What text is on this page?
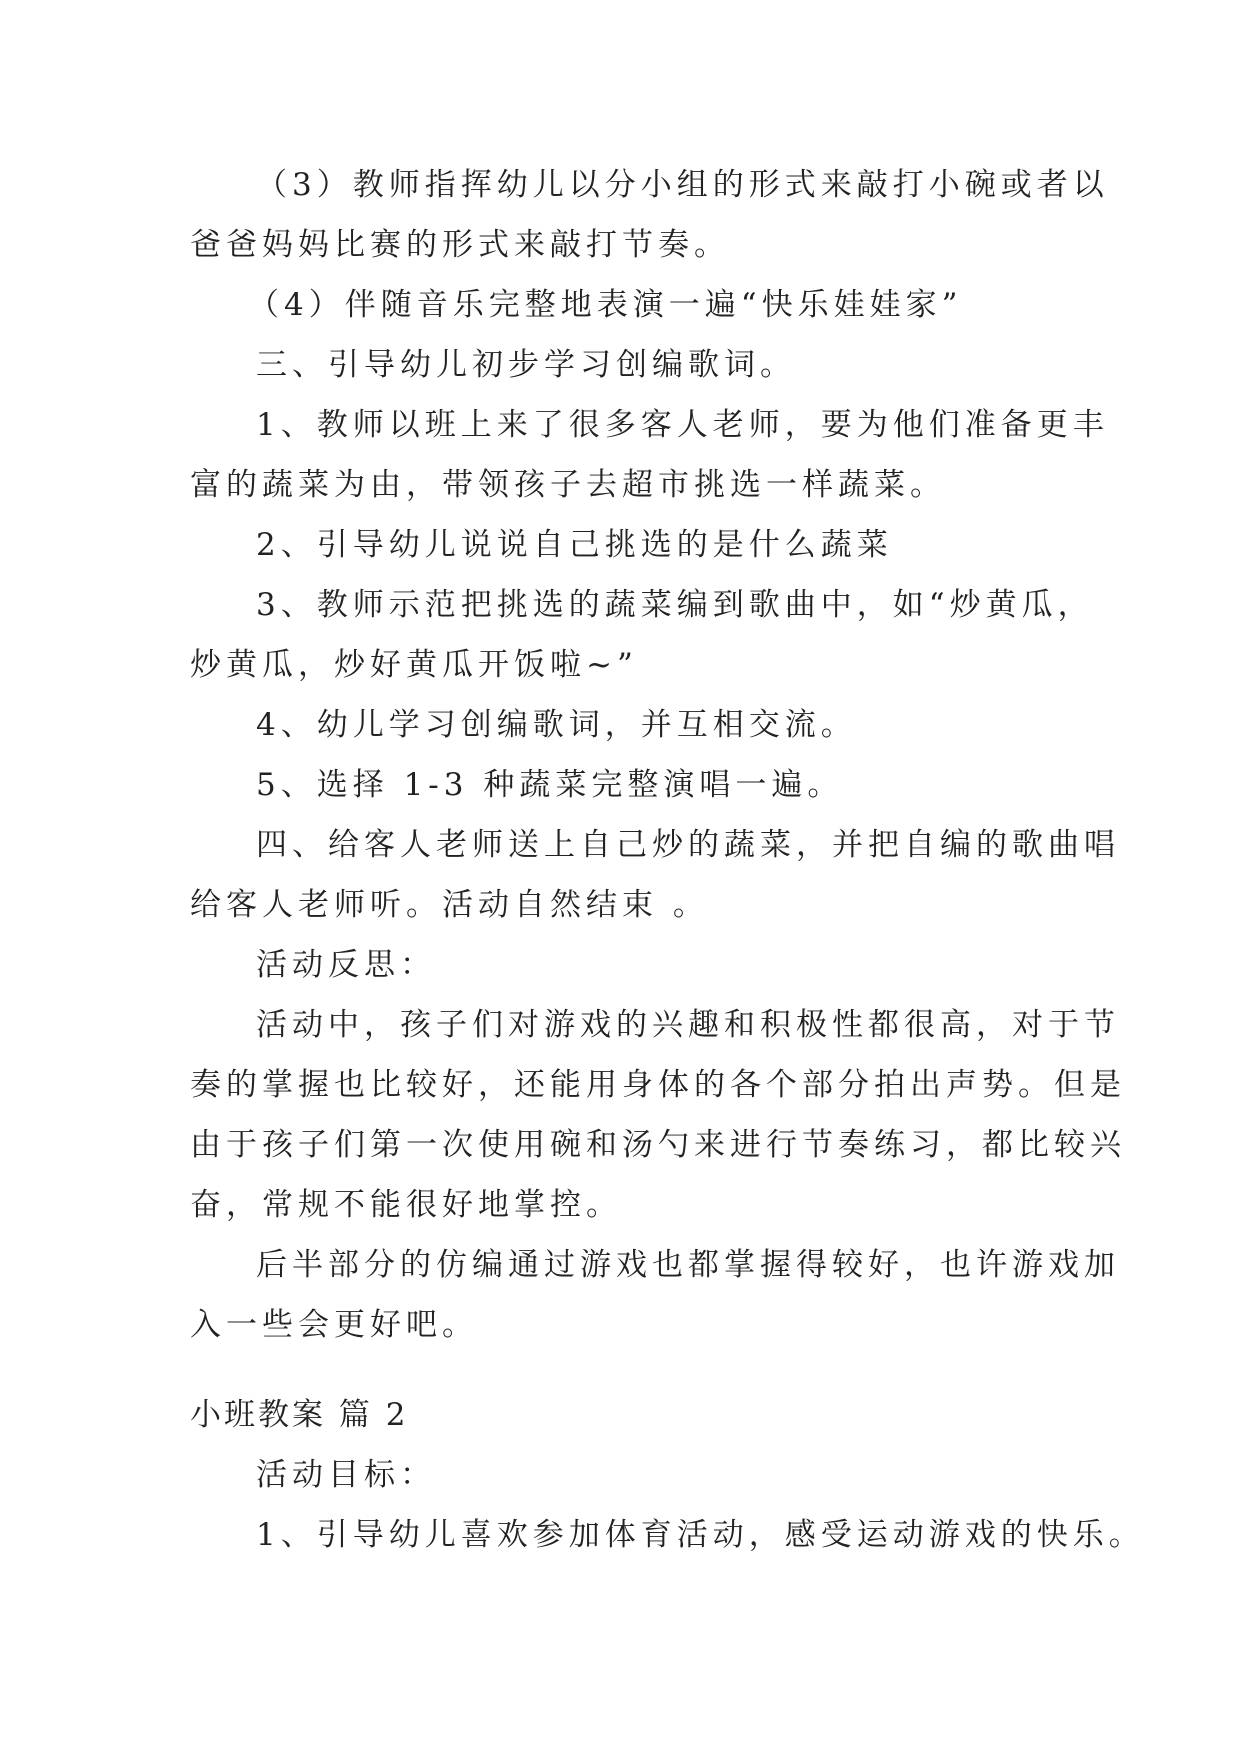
（3）教师指挥幼儿以分小组的形式来敲打小碗或者以
爸爸妈妈比赛的形式来敲打节奏。
（4）伴随音乐完整地表演一遍“快乐娃娃家”
三、引导幼儿初步学习创编歌词。
1、教师以班上来了很多客人老师，要为他们准备更丰
富的蔬菜为由，带领孩子去超市挑选一样蔬菜。
2、引导幼儿说说自己挑选的是什么蔬菜
3、教师示范把挑选的蔬菜编到歌曲中，如“炒黄瓜，
炒黄瓜，炒好黄瓜开饭啦~”
4、幼儿学习创编歌词，并互相交流。
5、选择 1-3 种蔬菜完整演唱一遍。
四、给客人老师送上自己炒的蔬菜，并把自编的歌曲唱
给客人老师听。活动自然结束 。
活动反思：
活动中，孩子们对游戏的兴趣和积极性都很高，对于节
奏的掌握也比较好，还能用身体的各个部分拍出声势。但是
由于孩子们第一次使用碗和汤勺来进行节奏练习，都比较兴
奋，常规不能很好地掌控。
后半部分的仿编通过游戏也都掌握得较好，也许游戏加
入一些会更好吧。
小班教案 篇 2
活动目标：
1、引导幼儿喜欢参加体育活动，感受运动游戏的快乐。
